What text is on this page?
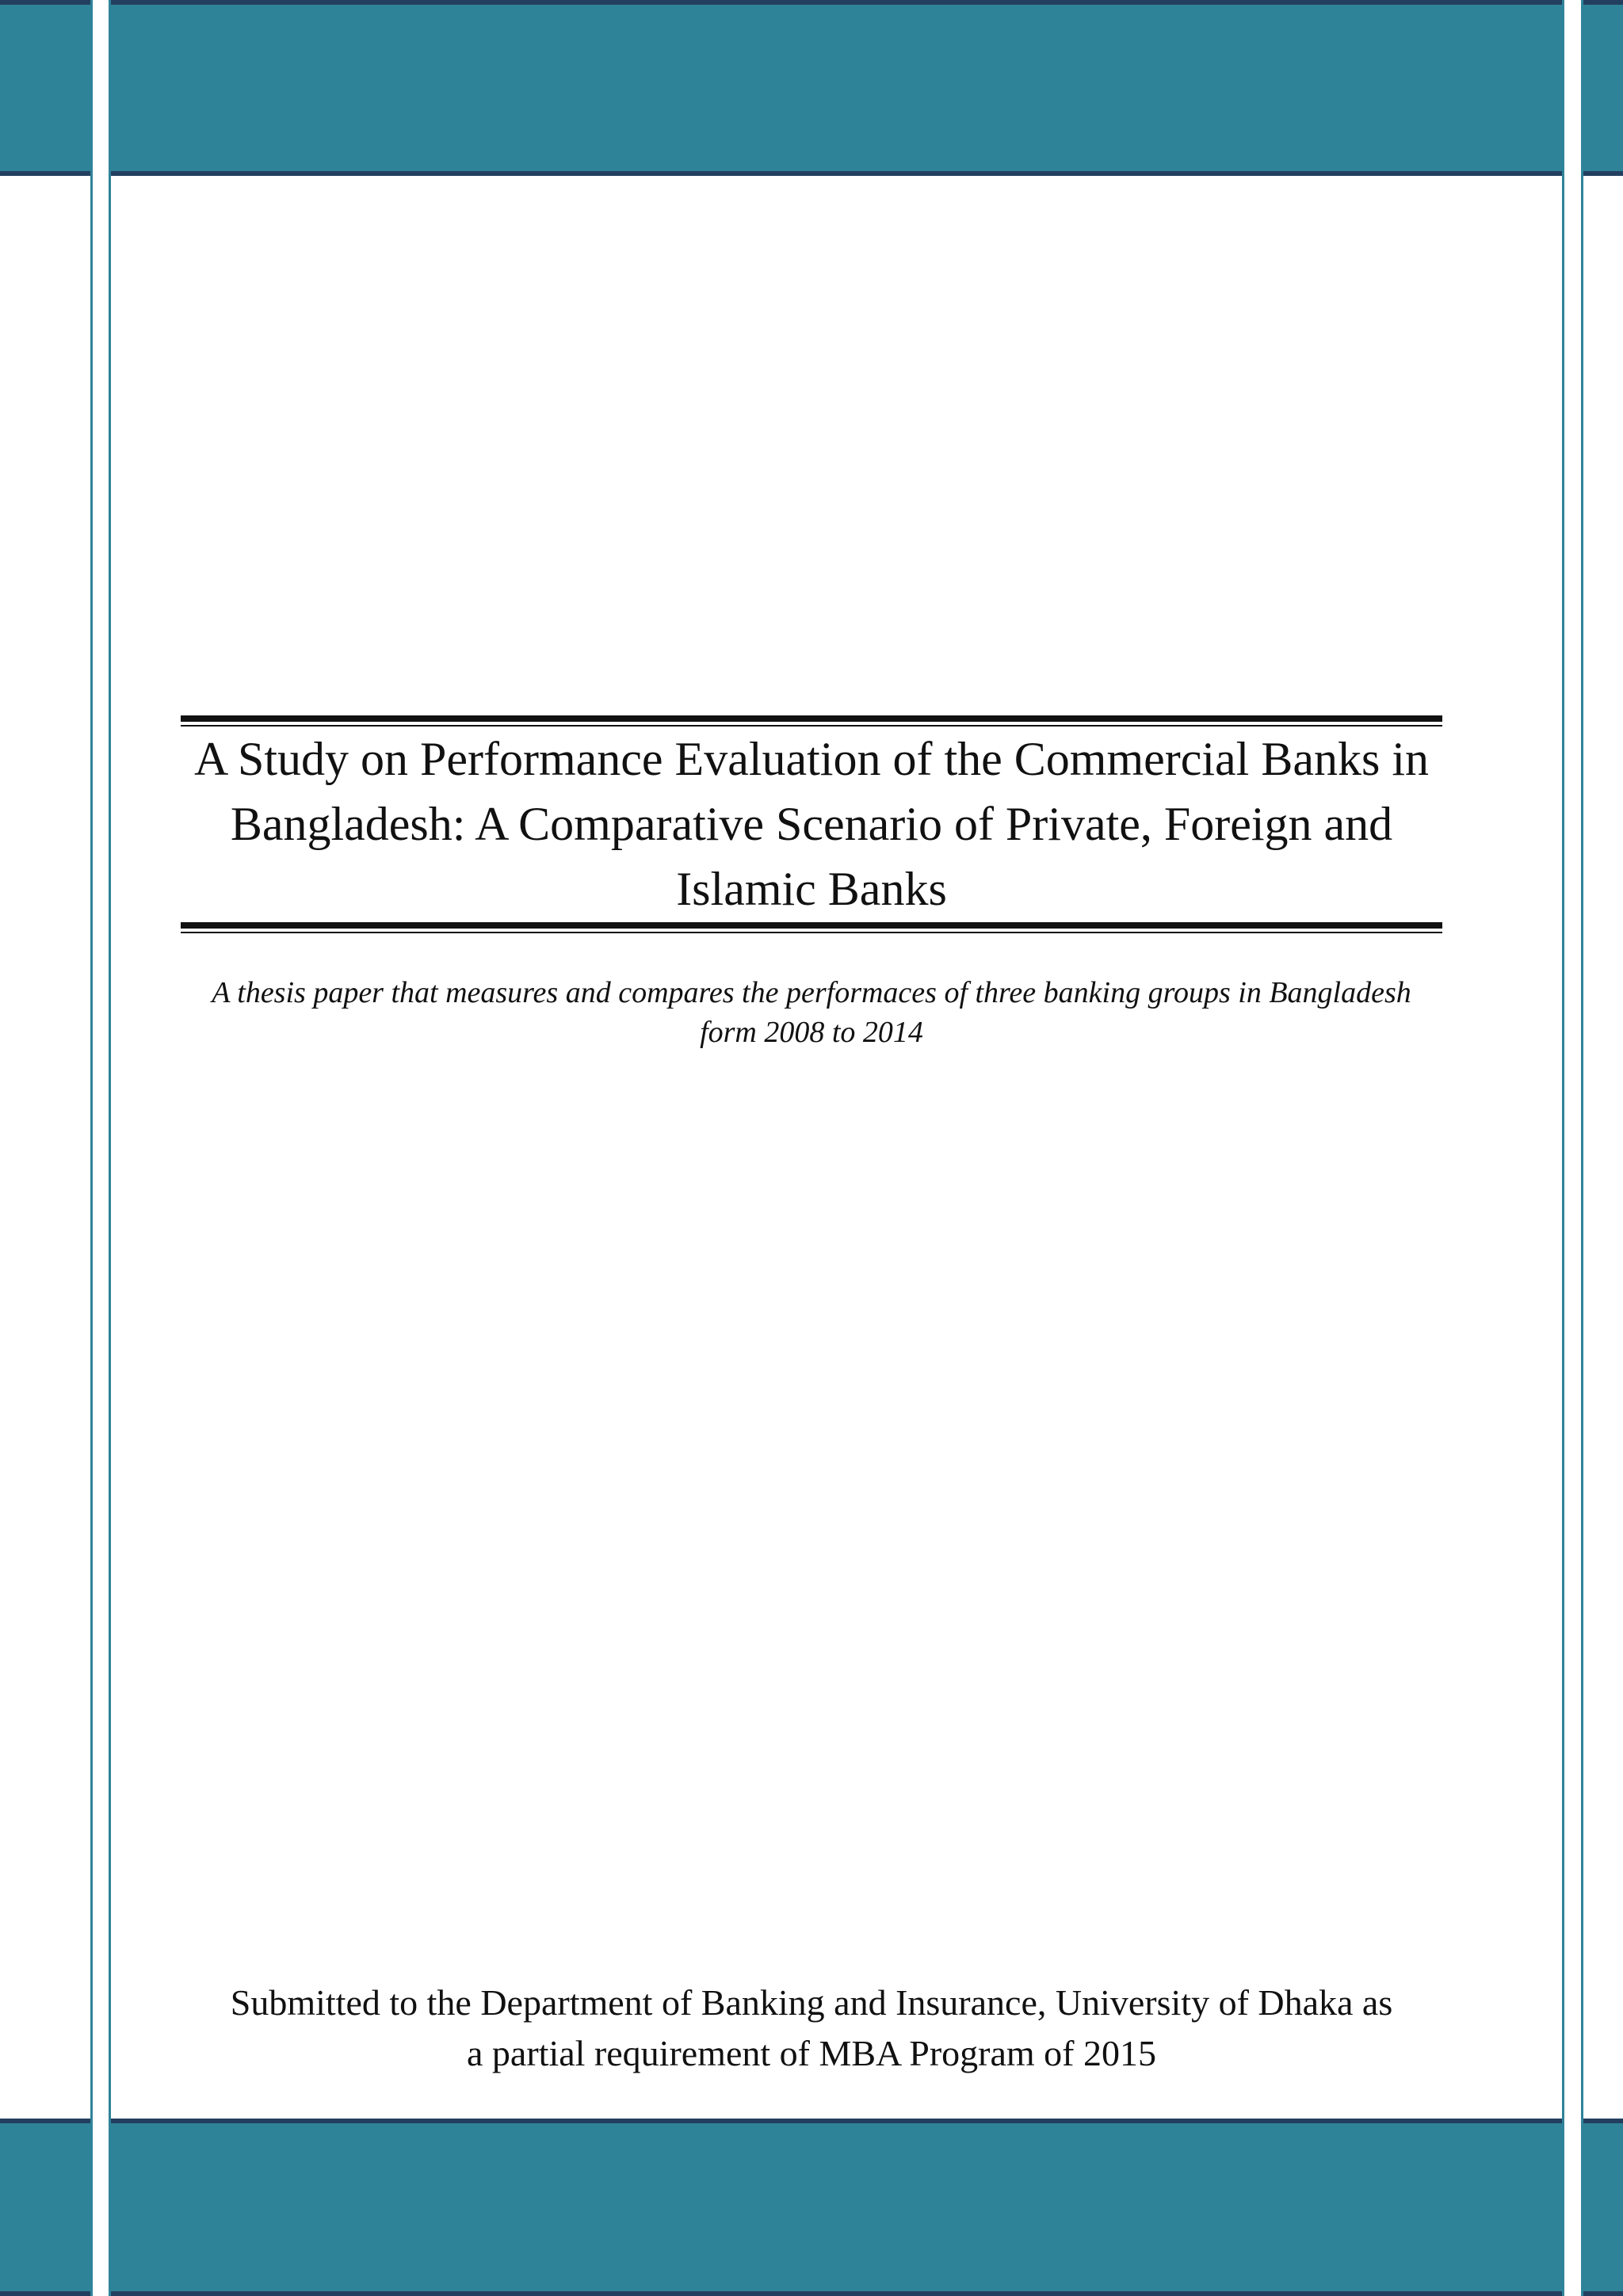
A Study on Performance Evaluation of the Commercial Banks in Bangladesh: A Comparative Scenario of Private, Foreign and Islamic Banks

A thesis paper that measures and compares the performaces of three banking groups in Bangladesh
form 2008 to 2014

Submitted to the Department of Banking and Insurance, University of Dhaka as
a partial requirement of MBA Program of 2015
